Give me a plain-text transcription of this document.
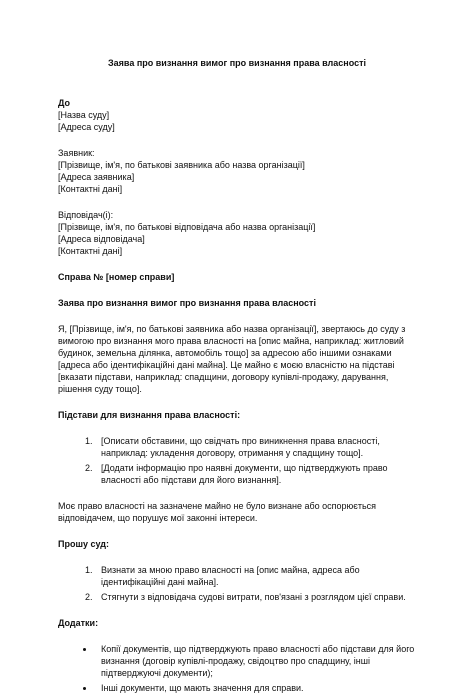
Заява про визнання вимог про визнання права власності
До
[Назва суду]
[Адреса суду]
Заявник:
[Прізвище, ім'я, по батькові заявника або назва організації]
[Адреса заявника]
[Контактні дані]
Відповідач(і):
[Прізвище, ім'я, по батькові відповідача або назва організації]
[Адреса відповідача]
[Контактні дані]
Справа № [номер справи]
Заява про визнання вимог про визнання права власності

Я, [Прізвище, ім'я, по батькові заявника або назва організації], звертаюсь до суду з вимогою про визнання мого права власності на [опис майна, наприклад: житловий будинок, земельна ділянка, автомобіль тощо] за адресою або іншими ознаками [адреса або ідентифікаційні дані майна]. Це майно є моєю власністю на підставі [вказати підстави, наприклад: спадщини, договору купівлі-продажу, дарування, рішення суду тощо].

Підстави для визнання права власності:
1. [Описати обставини, що свідчать про виникнення права власності, наприклад: укладення договору, отримання у спадщину тощо].
2. [Додати інформацію про наявні документи, що підтверджують право власності або підстави для його визнання].

Моє право власності на зазначене майно не було визнане або оспорюється відповідачем, що порушує мої законні інтереси.

Прошу суд:
1. Визнати за мною право власності на [опис майна, адреса або ідентифікаційні дані майна].
2. Стягнути з відповідача судові витрати, пов'язані з розглядом цієї справи.
Додатки:
• Копії документів, що підтверджують право власності або підстави для його визнання (договір купівлі-продажу, свідоцтво про спадщину, інші підтверджуючі документи);
• Інші документи, що мають значення для справи.
